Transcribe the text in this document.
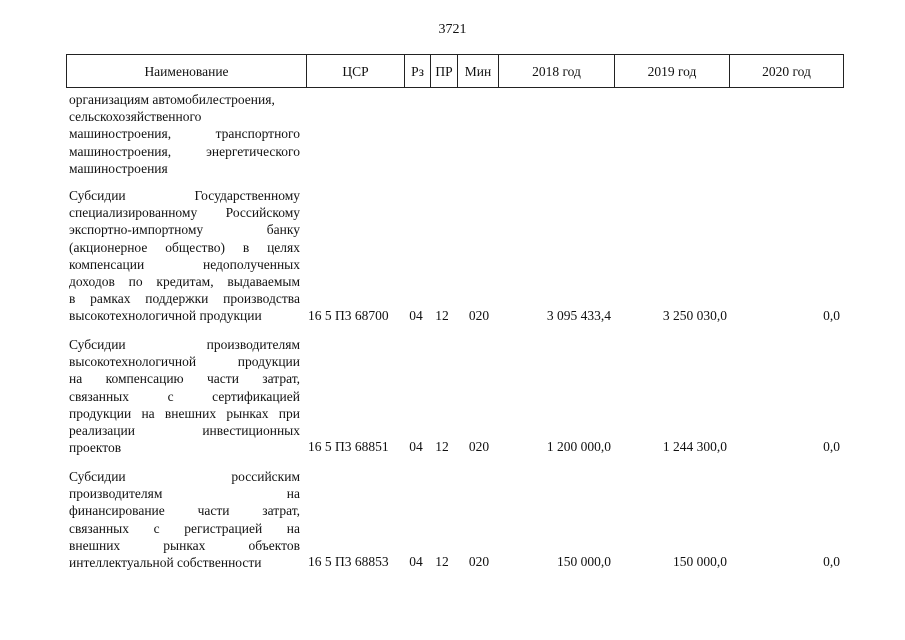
3721
Наименование	ЦСР	Рз ПР Мин	2018 год	2019 год	2020 год
организациям автомобилестроения,
сельскохозяйственного
машиностроения, транспортного
машиностроения, энергетического
машиностроения
Субсидии Государственному
специализированному Российскому
экспортно-импортному банку
(акционерное общество) в целях
компенсации недополученных
доходов по кредитам, выдаваемым
в рамках поддержки производства
высокотехнологичной продукции	16 5 П3 68700	04 12	020	3 095 433,4	3 250 030,0	0,0
Субсидии производителям
высокотехнологичной продукции
на компенсацию части затрат,
связанных с сертификацией
продукции на внешних рынках при
реализации инвестиционных
проектов	16 5 П3 68851	04 12	020	1 200 000,0	1 244 300,0	0,0
Субсидии российским
производителям на
финансирование части затрат,
связанных с регистрацией на
внешних рынках объектов
интеллектуальной собственности	16 5 П3 68853	04 12	020	150 000,0	150 000,0	0,0
